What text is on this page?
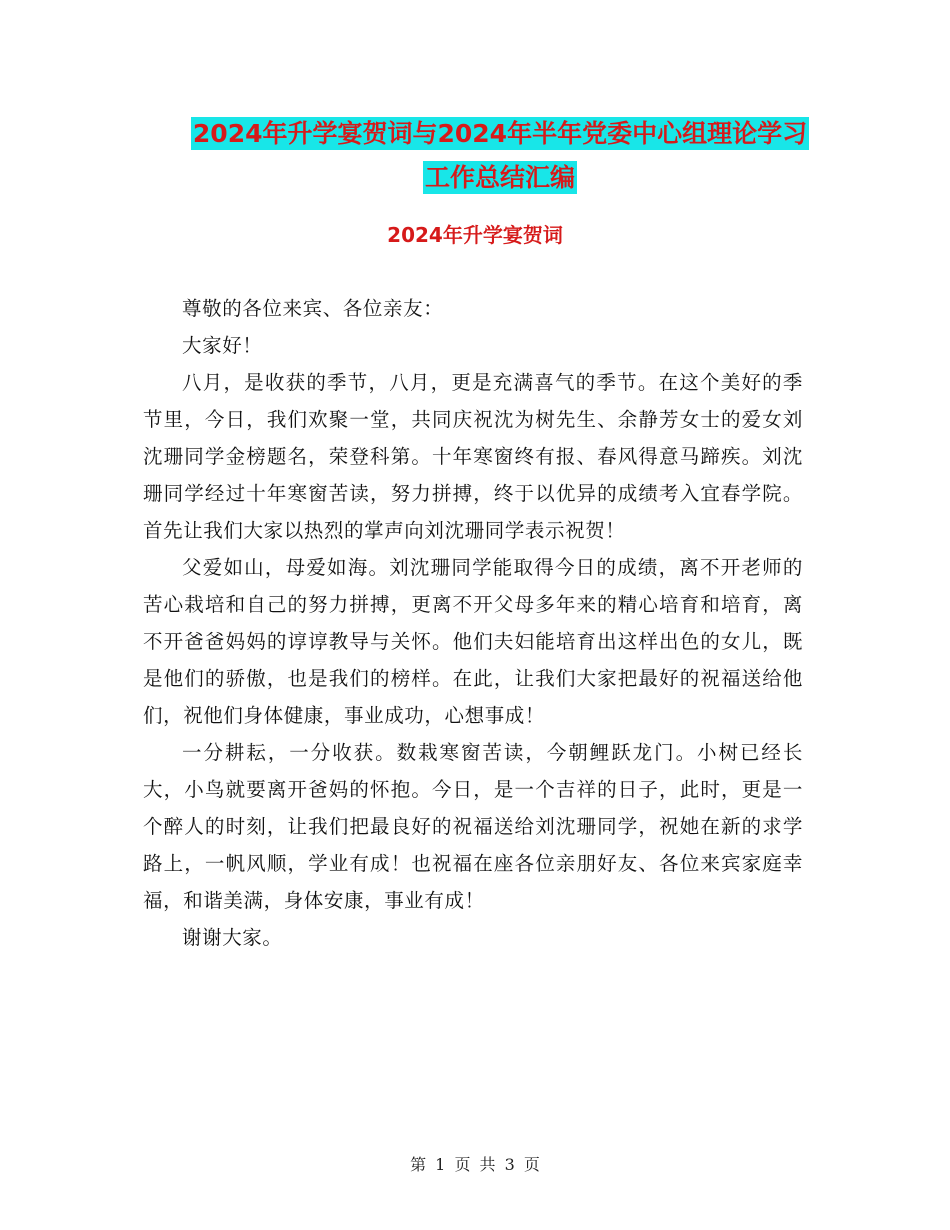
2024年升学宴贺词与2024年半年党委中心组理论学习
工作总结汇编
2024年升学宴贺词

尊敬的各位来宾、各位亲友：

大家好！

八月，是收获的季节，八月，更是充满喜气的季节。在这个美好的季节里，今日，我们欢聚一堂，共同庆祝沈为树先生、余静芳女士的爱女刘沈珊同学金榜题名，荣登科第。十年寒窗终有报、春风得意马蹄疾。刘沈珊同学经过十年寒窗苦读，努力拼搏，终于以优异的成绩考入宜春学院。首先让我们大家以热烈的掌声向刘沈珊同学表示祝贺！

父爱如山，母爱如海。刘沈珊同学能取得今日的成绩，离不开老师的苦心栽培和自己的努力拼搏，更离不开父母多年来的精心培育和培育，离不开爸爸妈妈的谆谆教导与关怀。他们夫妇能培育出这样出色的女儿，既是他们的骄傲，也是我们的榜样。在此，让我们大家把最好的祝福送给他们，祝他们身体健康，事业成功，心想事成！

一分耕耘，一分收获。数栽寒窗苦读，今朝鲤跃龙门。小树已经长大，小鸟就要离开爸妈的怀抱。今日，是一个吉祥的日子，此时，更是一个醉人的时刻，让我们把最良好的祝福送给刘沈珊同学，祝她在新的求学路上，一帆风顺，学业有成！也祝福在座各位亲朋好友、各位来宾家庭幸福，和谐美满，身体安康，事业有成！

谢谢大家。

第 1 页 共 3 页
